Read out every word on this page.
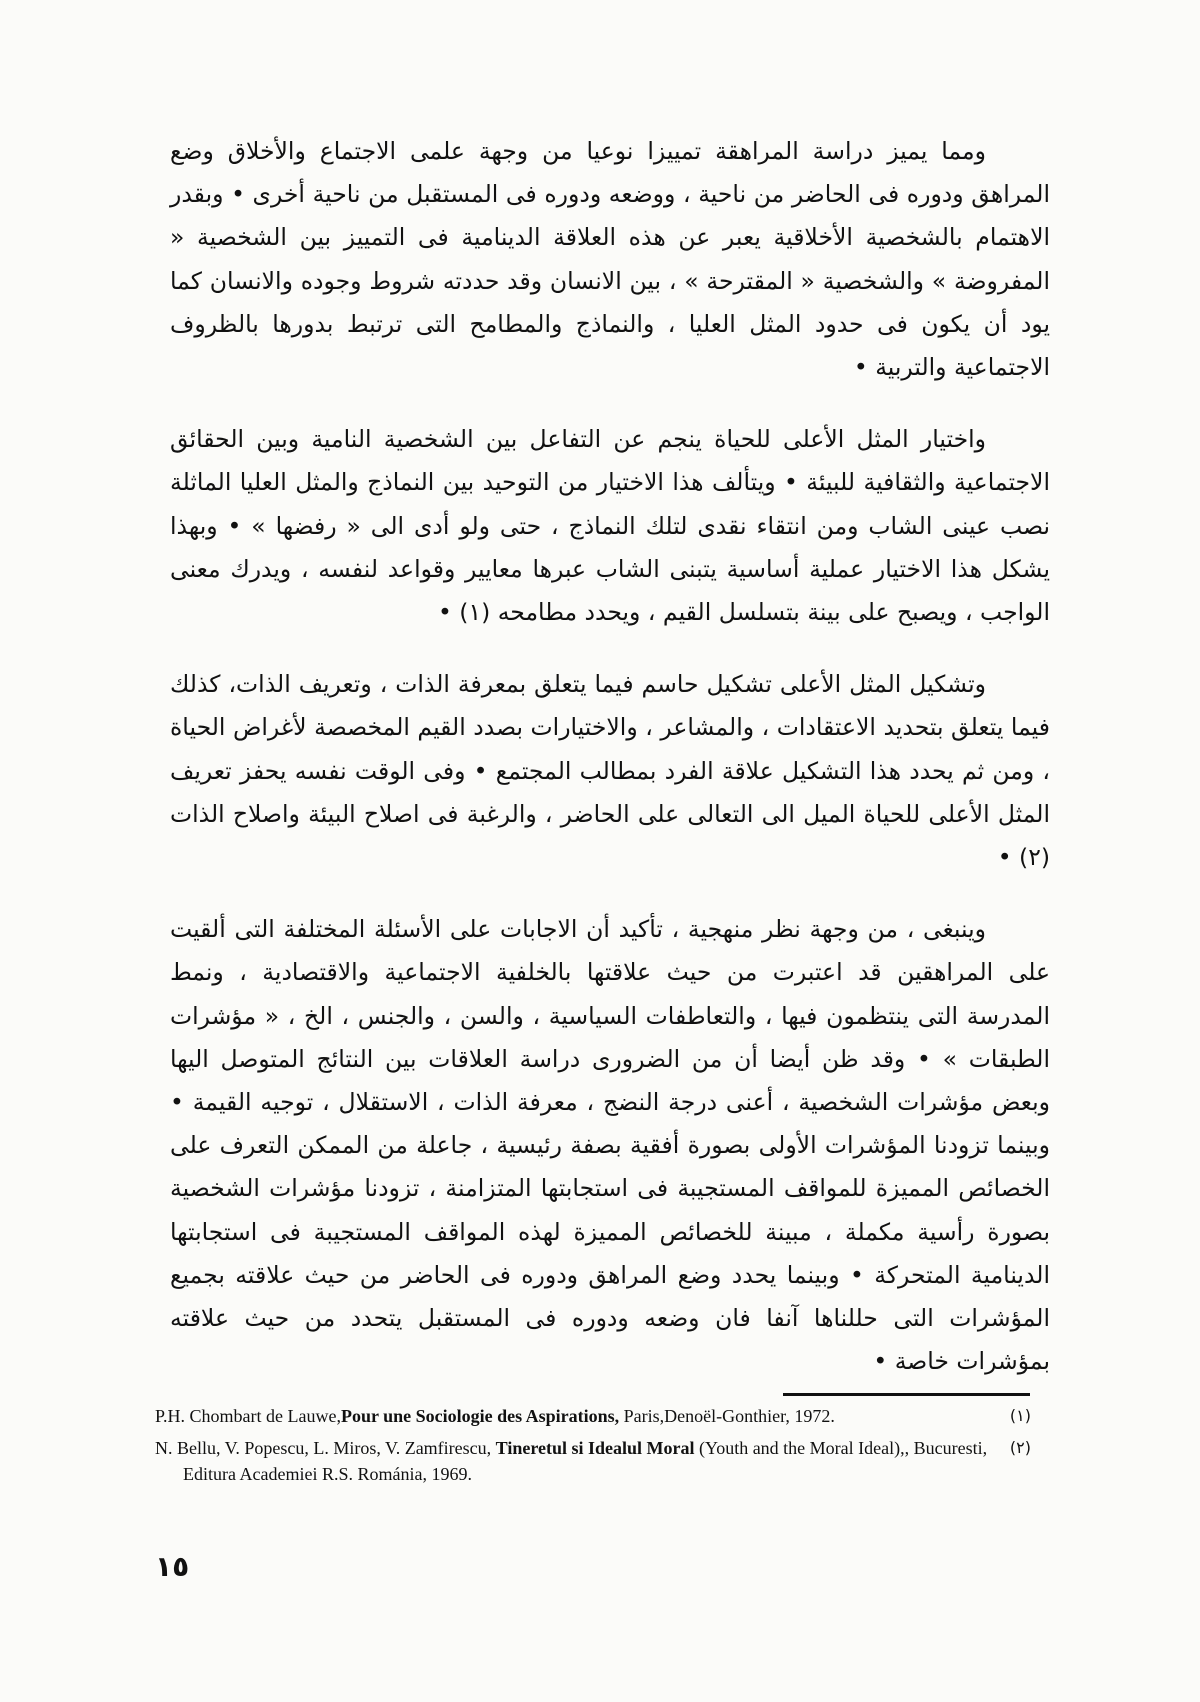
ومما يميز دراسة المراهقة تمييزا نوعيا من وجهة علمى الاجتماع والأخلاق وضع المراهق ودوره فى الحاضر من ناحية ، ووضعه ودوره فى المستقبل من ناحية أخرى • وبقدر الاهتمام بالشخصية الأخلاقية يعبر عن هذه العلاقة الدينامية فى التمييز بين الشخصية « المفروضة » والشخصية « المقترحة » ، بين الانسان وقد حددته شروط وجوده والانسان كما يود أن يكون فى حدود المثل العليا ، والنماذج والمطامح التى ترتبط بدورها بالظروف الاجتماعية والتربية •

واختيار المثل الأعلى للحياة ينجم عن التفاعل بين الشخصية النامية وبين الحقائق الاجتماعية والثقافية للبيئة • ويتألف هذا الاختيار من التوحيد بين النماذج والمثل العليا الماثلة نصب عينى الشاب ومن انتقاء نقدى لتلك النماذج ، حتى ولو أدى الى « رفضها » • وبهذا يشكل هذا الاختيار عملية أساسية يتبنى الشاب عبرها معايير وقواعد لنفسه ، ويدرك معنى الواجب ، ويصبح على بينة بتسلسل القيم ، ويحدد مطامحه (١) •

وتشكيل المثل الأعلى تشكيل حاسم فيما يتعلق بمعرفة الذات ، وتعريف الذات، كذلك فيما يتعلق بتحديد الاعتقادات ، والمشاعر ، والاختيارات بصدد القيم المخصصة لأغراض الحياة ، ومن ثم يحدد هذا التشكيل علاقة الفرد بمطالب المجتمع • وفى الوقت نفسه يحفز تعريف المثل الأعلى للحياة الميل الى التعالى على الحاضر ، والرغبة فى اصلاح البيئة واصلاح الذات (٢) •

وينبغى ، من وجهة نظر منهجية ، تأكيد أن الاجابات على الأسئلة المختلفة التى ألقيت على المراهقين قد اعتبرت من حيث علاقتها بالخلفية الاجتماعية والاقتصادية ، ونمط المدرسة التى ينتظمون فيها ، والتعاطفات السياسية ، والسن ، والجنس ، الخ ، « مؤشرات الطبقات » • وقد ظن أيضا أن من الضرورى دراسة العلاقات بين النتائج المتوصل اليها وبعض مؤشرات الشخصية ، أعنى درجة النضج ، معرفة الذات ، الاستقلال ، توجيه القيمة • وبينما تزودنا المؤشرات الأولى بصورة أفقية بصفة رئيسية ، جاعلة من الممكن التعرف على الخصائص المميزة للمواقف المستجيبة فى استجابتها المتزامنة ، تزودنا مؤشرات الشخصية بصورة رأسية مكملة ، مبينة للخصائص المميزة لهذه المواقف المستجيبة فى استجابتها الدينامية المتحركة • وبينما يحدد وضع المراهق ودوره فى الحاضر من حيث علاقته بجميع المؤشرات التى حللناها آنفا فان وضعه ودوره فى المستقبل يتحدد من حيث علاقته بمؤشرات خاصة •

(١)
P.H. Chombart de Lauwe,Pour une Sociologie des Aspirations, Paris,Denoël-Gonthier, 1972.
(٢)
N. Bellu, V. Popescu, L. Miros, V. Zamfirescu, Tineretul si Idealul Moral (Youth and the Moral Ideal),, Bucuresti, Editura Academiei R.S. Románia, 1969.
١٥
